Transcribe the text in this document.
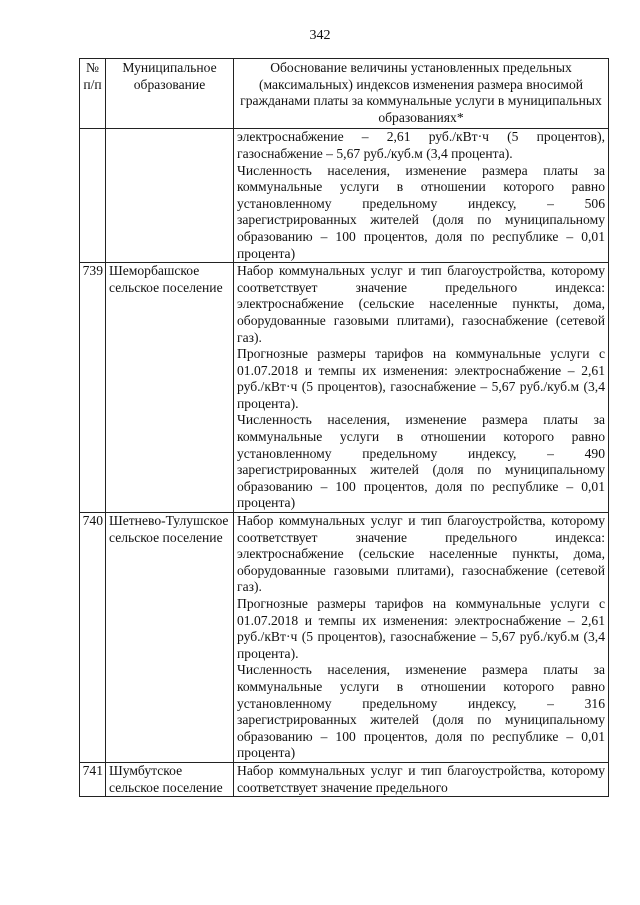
342
№ п/п	Муниципальное образование	Обоснование величины установленных предельных (максимальных) индексов изменения размера вносимой гражданами платы за коммунальные услуги в муниципальных образованиях*

		электроснабжение – 2,61 руб./кВт·ч (5 процентов), газоснабжение – 5,67 руб./куб.м (3,4 процента).

Численность населения, изменение размера платы за коммунальные услуги в отношении которого равно установленному предельному индексу, – 506 зарегистрированных жителей (доля по муниципальному образованию – 100 процентов, доля по республике – 0,01 процента)

739	Шеморбашское сельское поселение	Набор коммунальных услуг и тип благоустройства, которому соответствует значение предельного индекса: электроснабжение (сельские населенные пункты, дома, оборудованные газовыми плитами), газоснабжение (сетевой газ).

Прогнозные размеры тарифов на коммунальные услуги с 01.07.2018 и темпы их изменения: электроснабжение – 2,61 руб./кВт·ч (5 процентов), газоснабжение – 5,67 руб./куб.м (3,4 процента).

Численность населения, изменение размера платы за коммунальные услуги в отношении которого равно установленному предельному индексу, – 490 зарегистрированных жителей (доля по муниципальному образованию – 100 процентов, доля по республике – 0,01 процента)

740	Шетнево-Тулушское сельское поселение	Набор коммунальных услуг и тип благоустройства, которому соответствует значение предельного индекса: электроснабжение (сельские населенные пункты, дома, оборудованные газовыми плитами), газоснабжение (сетевой газ).

Прогнозные размеры тарифов на коммунальные услуги с 01.07.2018 и темпы их изменения: электроснабжение – 2,61 руб./кВт·ч (5 процентов), газоснабжение – 5,67 руб./куб.м (3,4 процента).

Численность населения, изменение размера платы за коммунальные услуги в отношении которого равно установленному предельному индексу, – 316 зарегистрированных жителей (доля по муниципальному образованию – 100 процентов, доля по республике – 0,01 процента)

741	Шумбутское сельское поселение	Набор коммунальных услуг и тип благоустройства, которому соответствует значение предельного
